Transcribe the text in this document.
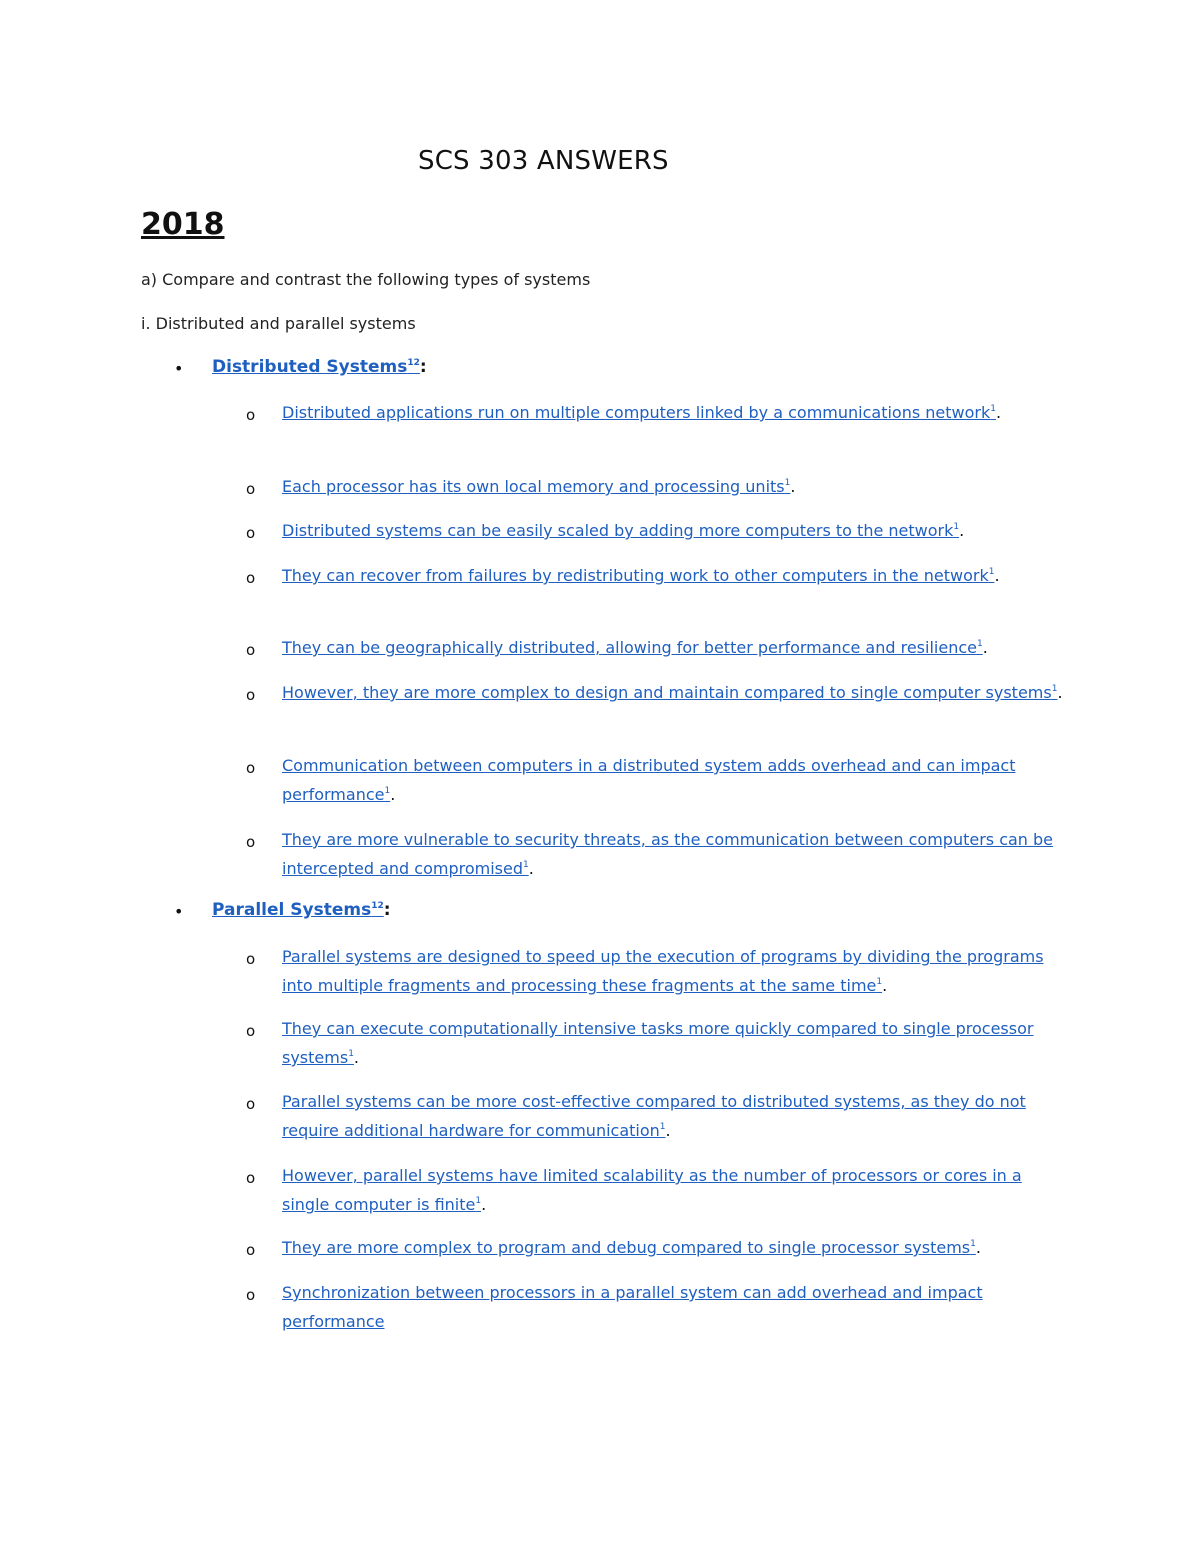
SCS 303 ANSWERS
2018
a) Compare and contrast the following types of systems
i. Distributed and parallel systems
• Distributed Systems$^{12}$:
o Distributed applications run on multiple computers linked by a communications network$^1$.
o Each processor has its own local memory and processing units$^1$.
o Distributed systems can be easily scaled by adding more computers to the network$^1$.
o They can recover from failures by redistributing work to other computers in the network$^1$.
o They can be geographically distributed, allowing for better performance and resilience$^1$.
o However, they are more complex to design and maintain compared to single computer systems$^1$.
o Communication between computers in a distributed system adds overhead and can impact performance$^1$.
o They are more vulnerable to security threats, as the communication between computers can be intercepted and compromised$^1$.
• Parallel Systems$^{12}$:
o Parallel systems are designed to speed up the execution of programs by dividing the programs into multiple fragments and processing these fragments at the same time$^1$.
o They can execute computationally intensive tasks more quickly compared to single processor systems$^1$.
o Parallel systems can be more cost-effective compared to distributed systems, as they do not require additional hardware for communication$^1$.
o However, parallel systems have limited scalability as the number of processors or cores in a single computer is finite$^1$.
o They are more complex to program and debug compared to single processor systems$^1$.
o Synchronization between processors in a parallel system can add overhead and impact performance
